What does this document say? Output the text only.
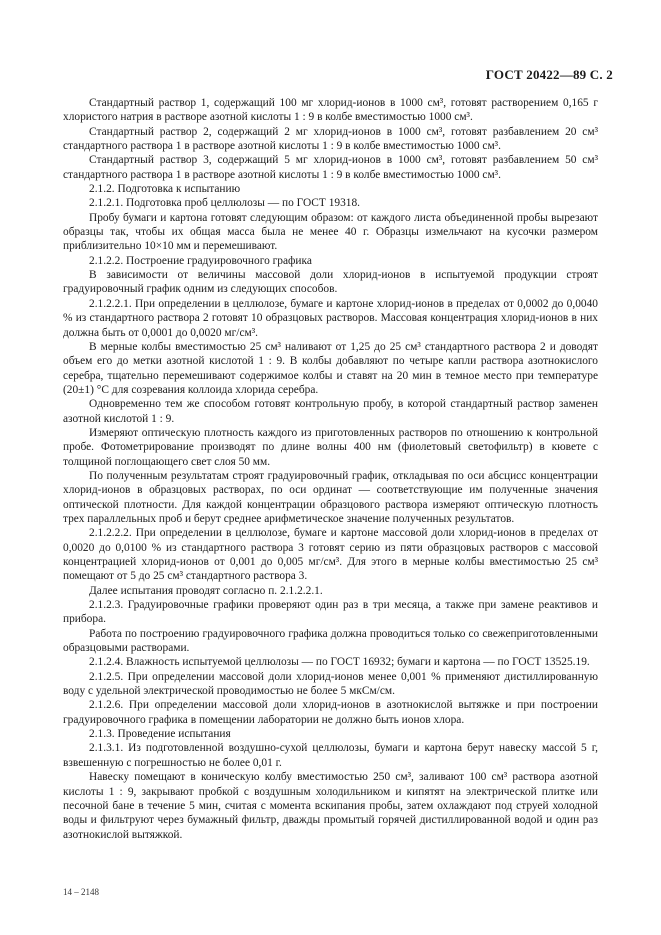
ГОСТ 20422—89 С. 2

Стандартный раствор 1, содержащий 100 мг хлорид-ионов в 1000 см³, готовят растворением 0,165 г хлористого натрия в растворе азотной кислоты 1 : 9 в колбе вместимостью 1000 см³.

Стандартный раствор 2, содержащий 2 мг хлорид-ионов в 1000 см³, готовят разбавлением 20 см³ стандартного раствора 1 в растворе азотной кислоты 1 : 9 в колбе вместимостью 1000 см³.

Стандартный раствор 3, содержащий 5 мг хлорид-ионов в 1000 см³, готовят разбавлением 50 см³ стандартного раствора 1 в растворе азотной кислоты 1 : 9 в колбе вместимостью 1000 см³.

2.1.2. Подготовка к испытанию

2.1.2.1. Подготовка проб целлюлозы — по ГОСТ 19318.

Пробу бумаги и картона готовят следующим образом: от каждого листа объединенной пробы вырезают образцы так, чтобы их общая масса была не менее 40 г. Образцы измельчают на кусочки размером приблизительно 10×10 мм и перемешивают.

2.1.2.2. Построение градуировочного графика

В зависимости от величины массовой доли хлорид-ионов в испытуемой продукции строят градуировочный график одним из следующих способов.

2.1.2.2.1. При определении в целлюлозе, бумаге и картоне хлорид-ионов в пределах от 0,0002 до 0,0040 % из стандартного раствора 2 готовят 10 образцовых растворов. Массовая концентрация хлорид-ионов в них должна быть от 0,0001 до 0,0020 мг/см³.

В мерные колбы вместимостью 25 см³ наливают от 1,25 до 25 см³ стандартного раствора 2 и доводят объем его до метки азотной кислотой 1 : 9. В колбы добавляют по четыре капли раствора азотнокислого серебра, тщательно перемешивают содержимое колбы и ставят на 20 мин в темное место при температуре (20±1) °С для созревания коллоида хлорида серебра.

Одновременно тем же способом готовят контрольную пробу, в которой стандартный раствор заменен азотной кислотой 1 : 9.

Измеряют оптическую плотность каждого из приготовленных растворов по отношению к контрольной пробе. Фотометрирование производят по длине волны 400 нм (фиолетовый светофильтр) в кювете с толщиной поглощающего свет слоя 50 мм.

По полученным результатам строят градуировочный график, откладывая по оси абсцисс концентрации хлорид-ионов в образцовых растворах, по оси ординат — соответствующие им полученные значения оптической плотности. Для каждой концентрации образцового раствора измеряют оптическую плотность трех параллельных проб и берут среднее арифметическое значение полученных результатов.

2.1.2.2.2. При определении в целлюлозе, бумаге и картоне массовой доли хлорид-ионов в пределах от 0,0020 до 0,0100 % из стандартного раствора 3 готовят серию из пяти образцовых растворов с массовой концентрацией хлорид-ионов от 0,001 до 0,005 мг/см³. Для этого в мерные колбы вместимостью 25 см³ помещают от 5 до 25 см³ стандартного раствора 3.

Далее испытания проводят согласно п. 2.1.2.2.1.

2.1.2.3. Градуировочные графики проверяют один раз в три месяца, а также при замене реактивов и прибора.

Работа по построению градуировочного графика должна проводиться только со свежеприготовленными образцовыми растворами.

2.1.2.4. Влажность испытуемой целлюлозы — по ГОСТ 16932; бумаги и картона — по ГОСТ 13525.19.

2.1.2.5. При определении массовой доли хлорид-ионов менее 0,001 % применяют дистиллированную воду с удельной электрической проводимостью не более 5 мкСм/см.

2.1.2.6. При определении массовой доли хлорид-ионов в азотнокислой вытяжке и при построении градуировочного графика в помещении лаборатории не должно быть ионов хлора.

2.1.3. Проведение испытания

2.1.3.1. Из подготовленной воздушно-сухой целлюлозы, бумаги и картона берут навеску массой 5 г, взвешенную с погрешностью не более 0,01 г.

Навеску помещают в коническую колбу вместимостью 250 см³, заливают 100 см³ раствора азотной кислоты 1 : 9, закрывают пробкой с воздушным холодильником и кипятят на электрической плитке или песочной бане в течение 5 мин, считая с момента вскипания пробы, затем охлаждают под струей холодной воды и фильтруют через бумажный фильтр, дважды промытый горячей дистиллированной водой и один раз азотнокислой вытяжкой.

14 – 2148
